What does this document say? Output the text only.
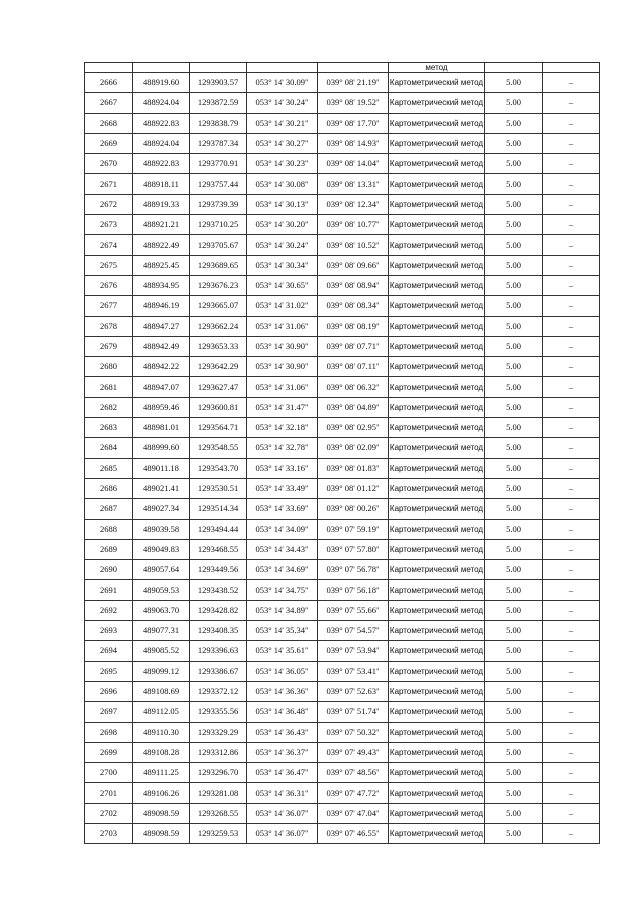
					метод		
2666	488919.60	1293903.57	053° 14' 30.09"	039° 08' 21.19"	Картометрический метод	5.00	–
2667	488924.04	1293872.59	053° 14' 30.24"	039° 08' 19.52"	Картометрический метод	5.00	–
2668	488922.83	1293838.79	053° 14' 30.21"	039° 08' 17.70"	Картометрический метод	5.00	–
2669	488924.04	1293787.34	053° 14' 30.27"	039° 08' 14.93"	Картометрический метод	5.00	–
2670	488922.83	1293770.91	053° 14' 30.23"	039° 08' 14.04"	Картометрический метод	5.00	–
2671	488918.11	1293757.44	053° 14' 30.08"	039° 08' 13.31"	Картометрический метод	5.00	–
2672	488919.33	1293739.39	053° 14' 30.13"	039° 08' 12.34"	Картометрический метод	5.00	–
2673	488921.21	1293710.25	053° 14' 30.20"	039° 08' 10.77"	Картометрический метод	5.00	–
2674	488922.49	1293705.67	053° 14' 30.24"	039° 08' 10.52"	Картометрический метод	5.00	–
2675	488925.45	1293689.65	053° 14' 30.34"	039° 08' 09.66"	Картометрический метод	5.00	–
2676	488934.95	1293676.23	053° 14' 30.65"	039° 08' 08.94"	Картометрический метод	5.00	–
2677	488946.19	1293665.07	053° 14' 31.02"	039° 08' 08.34"	Картометрический метод	5.00	–
2678	488947.27	1293662.24	053° 14' 31.06"	039° 08' 08.19"	Картометрический метод	5.00	–
2679	488942.49	1293653.33	053° 14' 30.90"	039° 08' 07.71"	Картометрический метод	5.00	–
2680	488942.22	1293642.29	053° 14' 30.90"	039° 08' 07.11"	Картометрический метод	5.00	–
2681	488947.07	1293627.47	053° 14' 31.06"	039° 08' 06.32"	Картометрический метод	5.00	–
2682	488959.46	1293600.81	053° 14' 31.47"	039° 08' 04.89"	Картометрический метод	5.00	–
2683	488981.01	1293564.71	053° 14' 32.18"	039° 08' 02.95"	Картометрический метод	5.00	–
2684	488999.60	1293548.55	053° 14' 32.78"	039° 08' 02.09"	Картометрический метод	5.00	–
2685	489011.18	1293543.70	053° 14' 33.16"	039° 08' 01.83"	Картометрический метод	5.00	–
2686	489021.41	1293530.51	053° 14' 33.49"	039° 08' 01.12"	Картометрический метод	5.00	–
2687	489027.34	1293514.34	053° 14' 33.69"	039° 08' 00.26"	Картометрический метод	5.00	–
2688	489039.58	1293494.44	053° 14' 34.09"	039° 07' 59.19"	Картометрический метод	5.00	–
2689	489049.83	1293468.55	053° 14' 34.43"	039° 07' 57.80"	Картометрический метод	5.00	–
2690	489057.64	1293449.56	053° 14' 34.69"	039° 07' 56.78"	Картометрический метод	5.00	–
2691	489059.53	1293438.52	053° 14' 34.75"	039° 07' 56.18"	Картометрический метод	5.00	–
2692	489063.70	1293428.82	053° 14' 34.89"	039° 07' 55.66"	Картометрический метод	5.00	–
2693	489077.31	1293408.35	053° 14' 35.34"	039° 07' 54.57"	Картометрический метод	5.00	–
2694	489085.52	1293396.63	053° 14' 35.61"	039° 07' 53.94"	Картометрический метод	5.00	–
2695	489099.12	1293386.67	053° 14' 36.05"	039° 07' 53.41"	Картометрический метод	5.00	–
2696	489108.69	1293372.12	053° 14' 36.36"	039° 07' 52.63"	Картометрический метод	5.00	–
2697	489112.05	1293355.56	053° 14' 36.48"	039° 07' 51.74"	Картометрический метод	5.00	–
2698	489110.30	1293329.29	053° 14' 36.43"	039° 07' 50.32"	Картометрический метод	5.00	–
2699	489108.28	1293312.86	053° 14' 36.37"	039° 07' 49.43"	Картометрический метод	5.00	–
2700	489111.25	1293296.70	053° 14' 36.47"	039° 07' 48.56"	Картометрический метод	5.00	–
2701	489106.26	1293281.08	053° 14' 36.31"	039° 07' 47.72"	Картометрический метод	5.00	–
2702	489098.59	1293268.55	053° 14' 36.07"	039° 07' 47.04"	Картометрический метод	5.00	–
2703	489098.59	1293259.53	053° 14' 36.07"	039° 07' 46.55"	Картометрический метод	5.00	–
